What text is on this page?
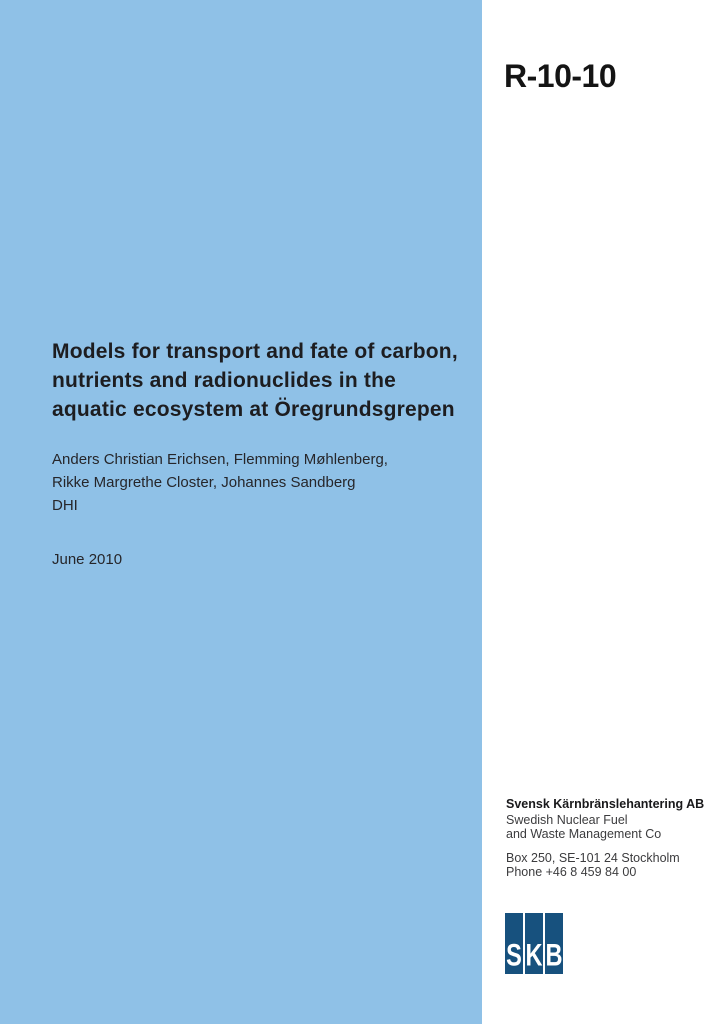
R-10-10
Models for transport and fate of carbon,
nutrients and radionuclides in the
aquatic ecosystem at Öregrundsgrepen
Anders Christian Erichsen, Flemming Møhlenberg,
Rikke Margrethe Closter, Johannes Sandberg
DHI
June 2010
Svensk Kärnbränslehantering AB
Swedish Nuclear Fuel
and Waste Management Co
Box 250, SE-101 24 Stockholm
Phone +46 8 459 84 00
S K B
